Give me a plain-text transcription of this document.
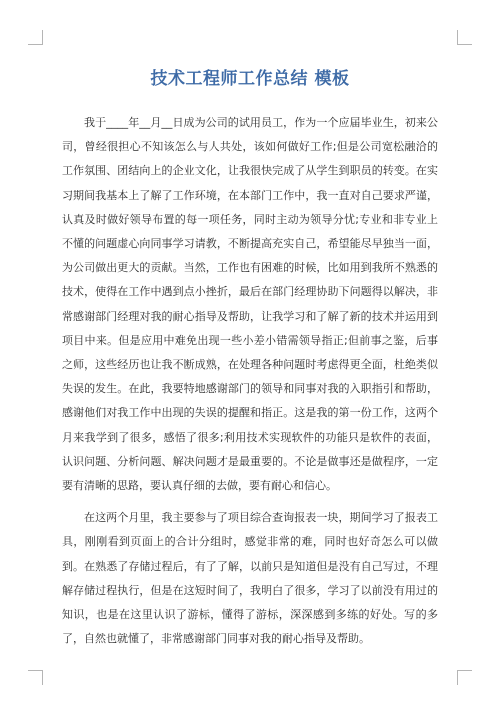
技术工程师工作总结 模板

我于____年__月__日成为公司的试用员工，作为一个应届毕业生，初来公司，曾经很担心不知该怎么与人共处，该如何做好工作;但是公司宽松融洽的工作氛围、团结向上的企业文化，让我很快完成了从学生到职员的转变。在实习期间我基本上了解了工作环境，在本部门工作中，我一直对自己要求严谨，认真及时做好领导布置的每一项任务，同时主动为领导分忧;专业和非专业上不懂的问题虚心向同事学习请教，不断提高充实自己，希望能尽早独当一面，为公司做出更大的贡献。当然，工作也有困难的时候，比如用到我所不熟悉的技术，使得在工作中遇到点小挫折，最后在部门经理协助下问题得以解决，非常感谢部门经理对我的耐心指导及帮助，让我学习和了解了新的技术并运用到项目中来。但是应用中难免出现一些小差小错需领导指正;但前事之鉴，后事之师，这些经历也让我不断成熟，在处理各种问题时考虑得更全面，杜绝类似失误的发生。在此，我要特地感谢部门的领导和同事对我的入职指引和帮助，感谢他们对我工作中出现的失误的提醒和指正。这是我的第一份工作，这两个月来我学到了很多，感悟了很多;利用技术实现软件的功能只是软件的表面，认识问题、分析问题、解决问题才是最重要的。不论是做事还是做程序，一定要有清晰的思路，要认真仔细的去做，要有耐心和信心。

在这两个月里，我主要参与了项目综合查询报表一块，期间学习了报表工具，刚刚看到页面上的合计分组时，感觉非常的难，同时也好奇怎么可以做到。在熟悉了存储过程后，有了了解，以前只是知道但是没有自己写过，不理解存储过程执行，但是在这短时间了，我明白了很多，学习了以前没有用过的知识，也是在这里认识了游标，懂得了游标，深深感到多练的好处。写的多了，自然也就懂了，非常感谢部门同事对我的耐心指导及帮助。
